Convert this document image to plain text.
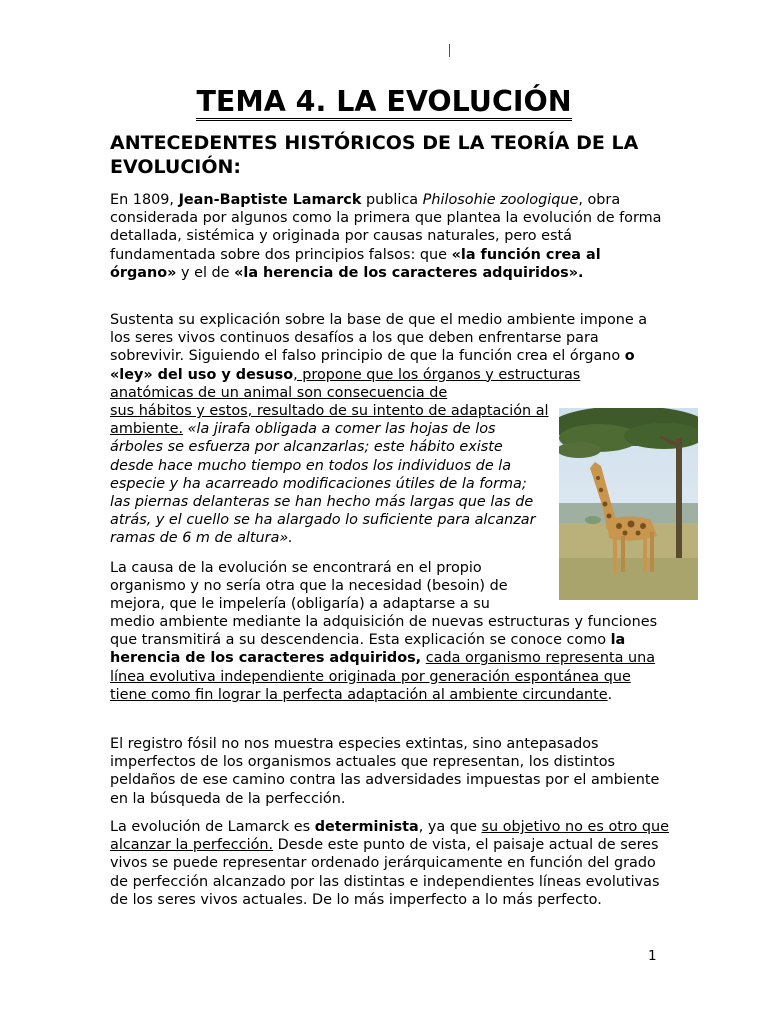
TEMA 4. LA EVOLUCIÓN
ANTECEDENTES HISTÓRICOS DE LA TEORÍA DE LA EVOLUCIÓN:

En 1809, Jean-Baptiste Lamarck publica Philosohie zoologique, obra considerada por algunos como la primera que plantea la evolución de forma detallada, sistémica y originada por causas naturales, pero está fundamentada sobre dos principios falsos: que «la función crea al órgano» y el de «la herencia de los caracteres adquiridos».

Sustenta su explicación sobre la base de que el medio ambiente impone a los seres vivos continuos desafíos a los que deben enfrentarse para sobrevivir. Siguiendo el falso principio de que la función crea el órgano o «ley» del uso y desuso, propone que los órganos y estructuras anatómicas de un animal son consecuencia de

sus hábitos y estos, resultado de su intento de adaptación al ambiente. «la jirafa obligada a comer las hojas de los árboles se esfuerza por alcanzarlas; este hábito existe desde hace mucho tiempo en todos los individuos de la especie y ha acarreado modificaciones útiles de la forma; las piernas delanteras se han hecho más largas que las de atrás, y el cuello se ha alargado lo suficiente para alcanzar ramas de 6 m de altura».

La causa de la evolución se encontrará en el propio organismo y no sería otra que la necesidad (besoin) de mejora, que le impelería (obligaría) a adaptarse a su

medio ambiente mediante la adquisición de nuevas estructuras y funciones que transmitirá a su descendencia. Esta explicación se conoce como la herencia de los caracteres adquiridos, cada organismo representa una línea evolutiva independiente originada por generación espontánea que tiene como fin lograr la perfecta adaptación al ambiente circundante.

El registro fósil no nos muestra especies extintas, sino antepasados imperfectos de los organismos actuales que representan, los distintos peldaños de ese camino contra las adversidades impuestas por el ambiente en la búsqueda de la perfección.

La evolución de Lamarck es determinista, ya que su objetivo no es otro que alcanzar la perfección. Desde este punto de vista, el paisaje actual de seres vivos se puede representar ordenado jerárquicamente en función del grado de perfección alcanzado por las distintas e independientes líneas evolutivas de los seres vivos actuales. De lo más imperfecto a lo más perfecto.

1
